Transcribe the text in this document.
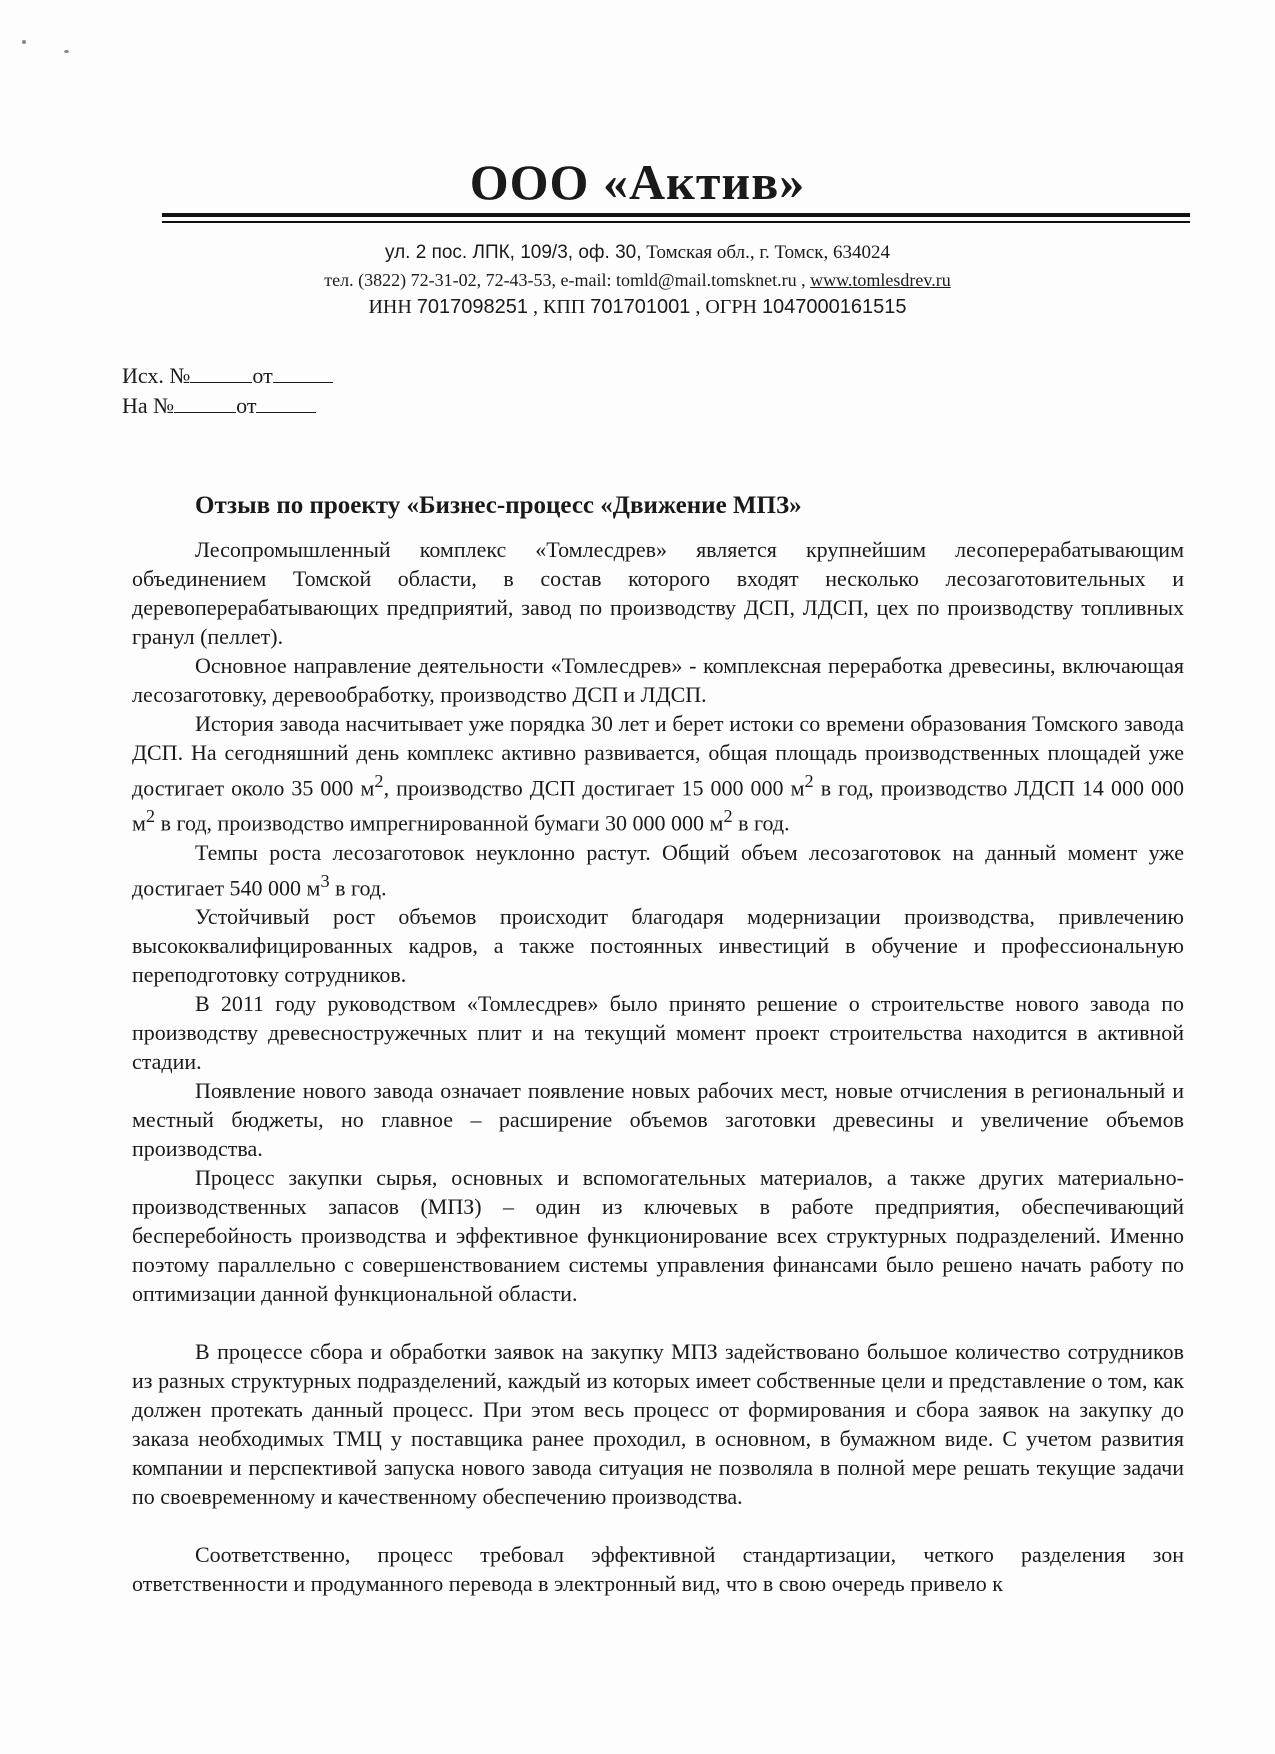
ООО «Актив»
ул. 2 пос. ЛПК, 109/3, оф. 30, Томская обл., г. Томск, 634024
тел. (3822) 72-31-02, 72-43-53, e-mail: tomld@mail.tomsknet.ru , www.tomlesdrev.ru
ИНН 7017098251 , КПП 701701001 , ОГРН 1047000161515
Исх. №	от
На №	от
Отзыв по проекту «Бизнес-процесс «Движение МПЗ»

Лесопромышленный комплекс «Томлесдрев» является крупнейшим лесоперерабатывающим объединением Томской области, в состав которого входят несколько лесозаготовительных и деревоперерабатывающих предприятий, завод по производству ДСП, ЛДСП, цех по производству топливных гранул (пеллет).

Основное направление деятельности «Томлесдрев» - комплексная переработка древесины, включающая лесозаготовку, деревообработку, производство ДСП и ЛДСП.

История завода насчитывает уже порядка 30 лет и берет истоки со времени образования Томского завода ДСП. На сегодняшний день комплекс активно развивается, общая площадь производственных площадей уже достигает около 35 000 $м^2$, производство ДСП достигает 15 000 000 $м^2$ в год, производство ЛДСП 14 000 000 $м^2$ в год, производство импрегнированной бумаги 30 000 000 $м^2$ в год.

Темпы роста лесозаготовок неуклонно растут. Общий объем лесозаготовок на данный момент уже достигает 540 000 $м^3$ в год.

Устойчивый рост объемов происходит благодаря модернизации производства, привлечению высококвалифицированных кадров, а также постоянных инвестиций в обучение и профессиональную переподготовку сотрудников.

В 2011 году руководством «Томлесдрев» было принято решение о строительстве нового завода по производству древесностружечных плит и на текущий момент проект строительства находится в активной стадии.

Появление нового завода означает появление новых рабочих мест, новые отчисления в региональный и местный бюджеты, но главное – расширение объемов заготовки древесины и увеличение объемов производства.

Процесс закупки сырья, основных и вспомогательных материалов, а также других материально-производственных запасов (МПЗ) – один из ключевых в работе предприятия, обеспечивающий бесперебойность производства и эффективное функционирование всех структурных подразделений. Именно поэтому параллельно с совершенствованием системы управления финансами было решено начать работу по оптимизации данной функциональной области.

В процессе сбора и обработки заявок на закупку МПЗ задействовано большое количество сотрудников из разных структурных подразделений, каждый из которых имеет собственные цели и представление о том, как должен протекать данный процесс. При этом весь процесс от формирования и сбора заявок на закупку до заказа необходимых ТМЦ у поставщика ранее проходил, в основном, в бумажном виде. С учетом развития компании и перспективой запуска нового завода ситуация не позволяла в полной мере решать текущие задачи по своевременному и качественному обеспечению производства.

Соответственно, процесс требовал эффективной стандартизации, четкого разделения зон ответственности и продуманного перевода в электронный вид, что в свою очередь привело к
